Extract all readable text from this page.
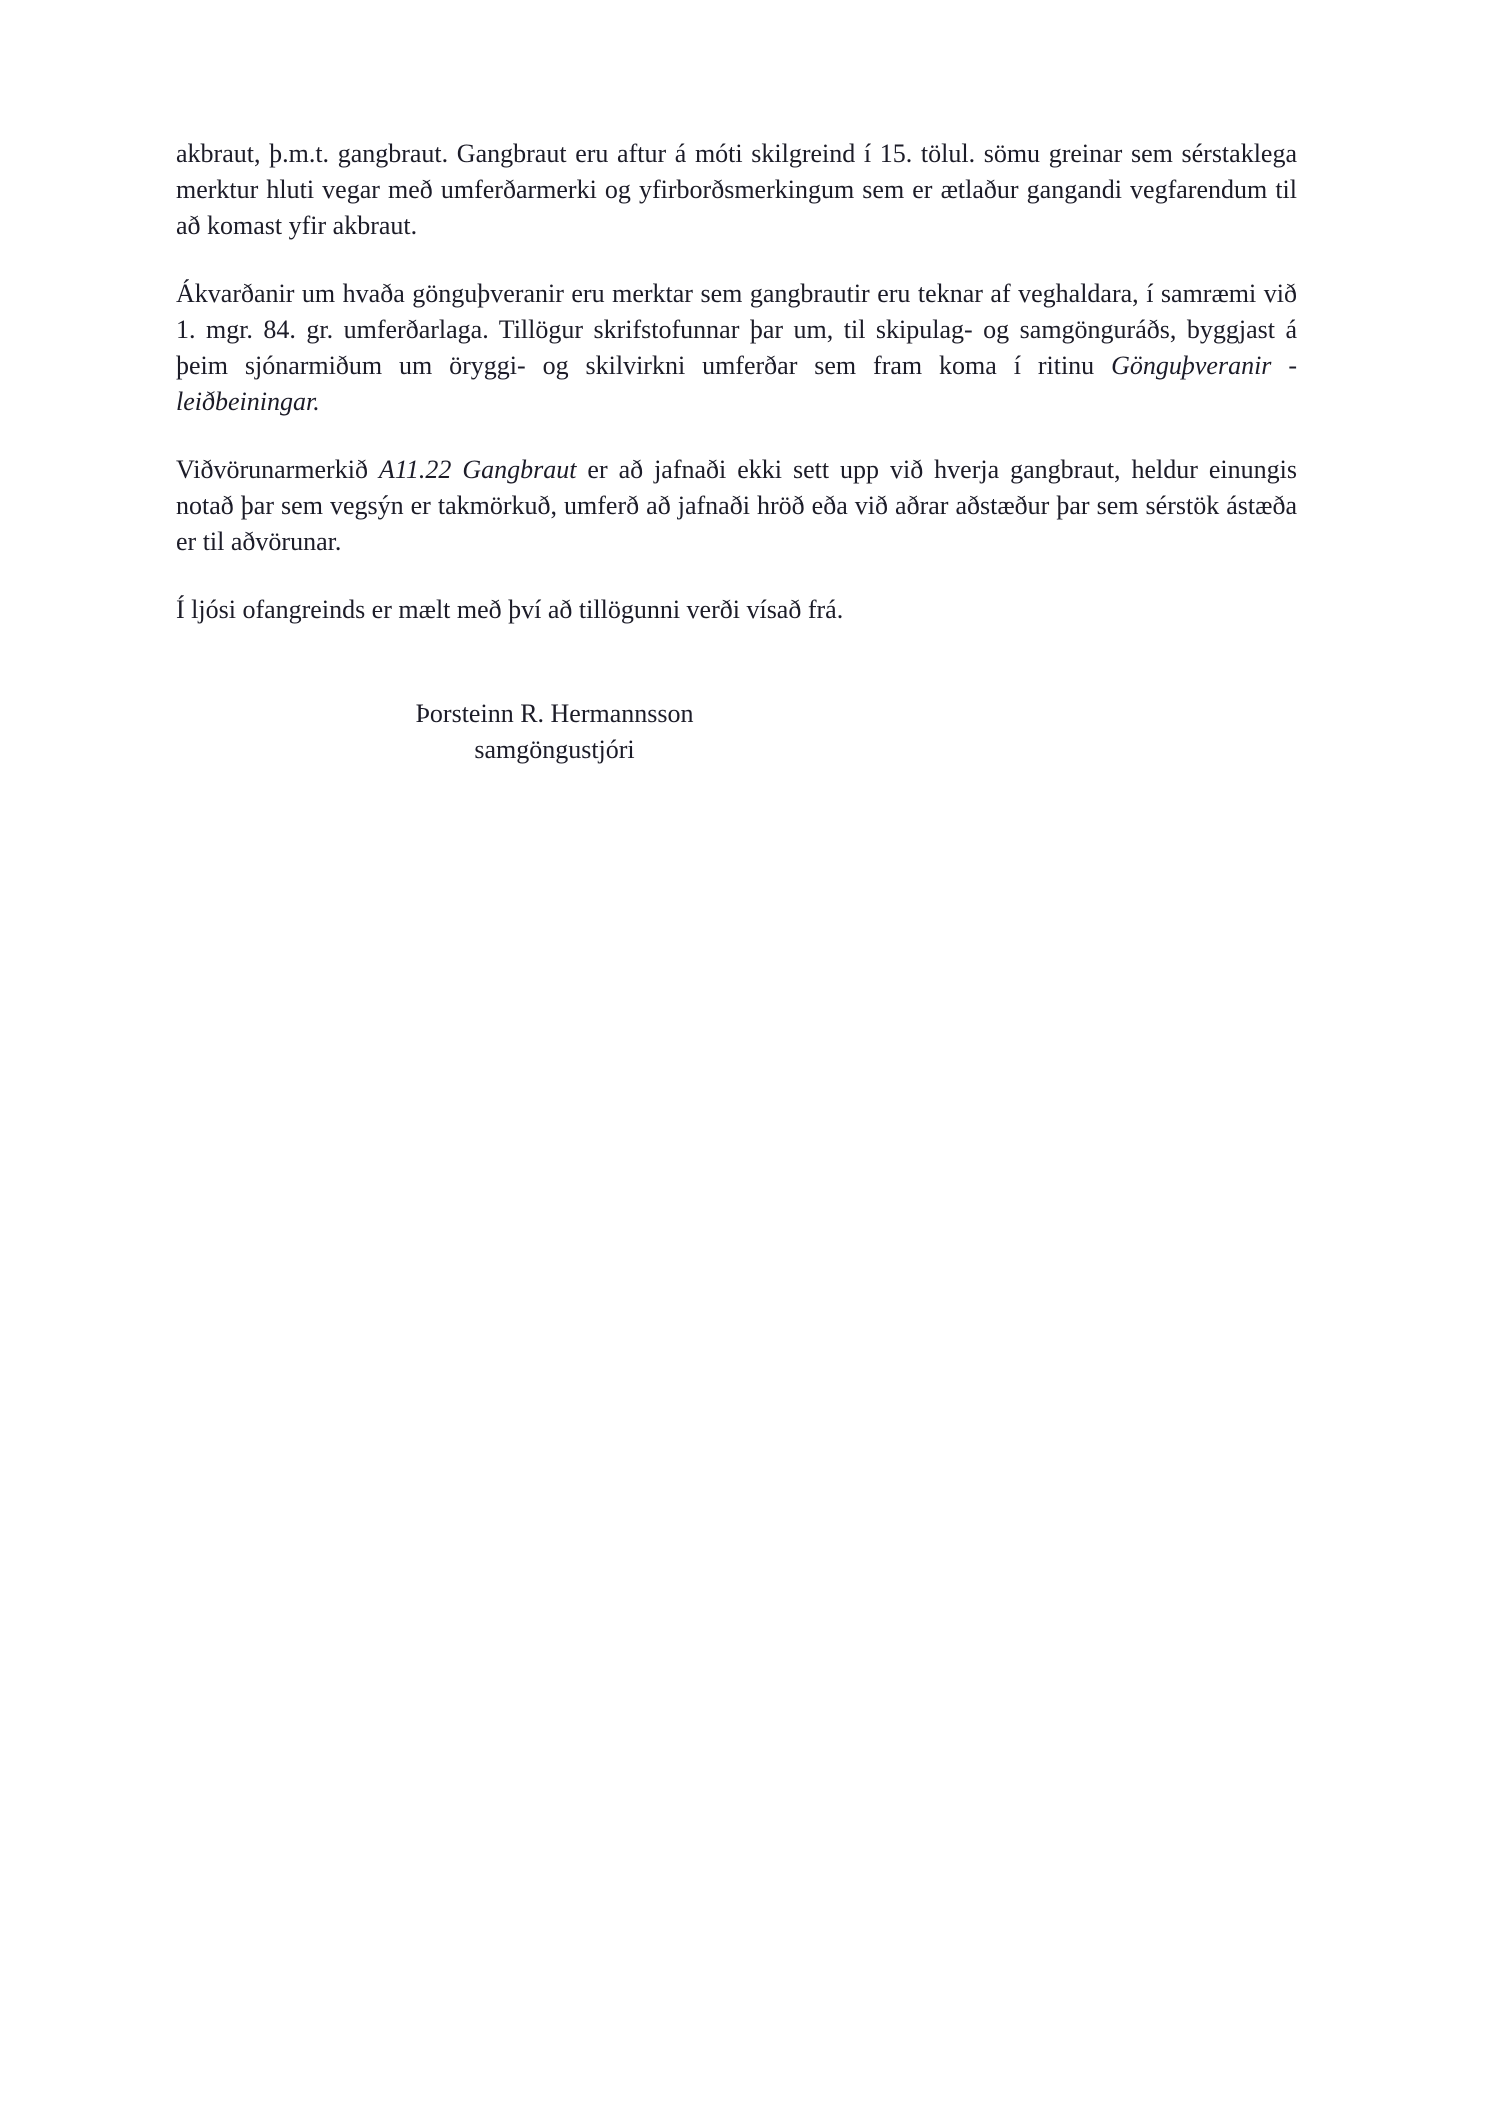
akbraut, þ.m.t. gangbraut. Gangbraut eru aftur á móti skilgreind í 15. tölul. sömu greinar sem sérstaklega merktur hluti vegar með umferðarmerki og yfirborðsmerkingum sem er ætlaður gangandi vegfarendum til að komast yfir akbraut.

Ákvarðanir um hvaða gönguþveranir eru merktar sem gangbrautir eru teknar af veghaldara, í samræmi við 1. mgr. 84. gr. umferðarlaga. Tillögur skrifstofunnar þar um, til skipulag- og samgönguráðs, byggjast á þeim sjónarmiðum um öryggi- og skilvirkni umferðar sem fram koma í ritinu Gönguþveranir - leiðbeiningar.

Viðvörunarmerkið A11.22 Gangbraut er að jafnaði ekki sett upp við hverja gangbraut, heldur einungis notað þar sem vegsýn er takmörkuð, umferð að jafnaði hröð eða við aðrar aðstæður þar sem sérstök ástæða er til aðvörunar.

Í ljósi ofangreinds er mælt með því að tillögunni verði vísað frá.

Þorsteinn R. Hermannsson
samgöngustjóri
